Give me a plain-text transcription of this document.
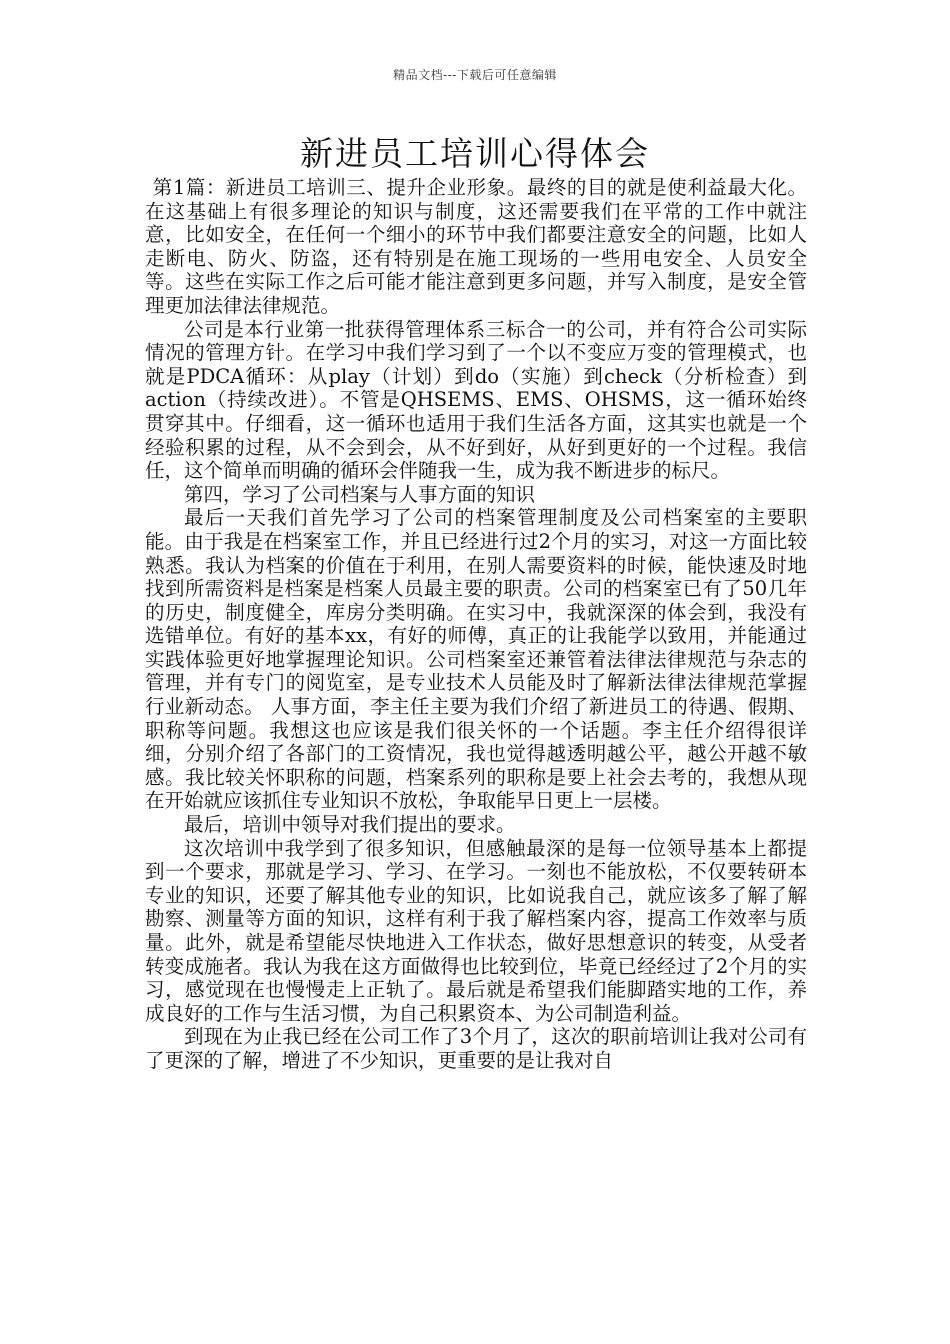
精品文档---下载后可任意编辑
新进员工培训心得体会

第1篇：新进员工培训三、提升企业形象。最终的目的就是使利益最大化。在这基础上有很多理论的知识与制度，这还需要我们在平常的工作中就注意，比如安全，在任何一个细小的环节中我们都要注意安全的问题，比如人走断电、防火、防盗，还有特别是在施工现场的一些用电安全、人员安全等。这些在实际工作之后可能才能注意到更多问题，并写入制度，是安全管理更加法律法律规范。

公司是本行业第一批获得管理体系三标合一的公司，并有符合公司实际情况的管理方针。在学习中我们学习到了一个以不变应万变的管理模式，也就是PDCA循环：从play（计划）到do（实施）到check（分析检查）到action（持续改进）。不管是QHSEMS、EMS、OHSMS，这一循环始终贯穿其中。仔细看，这一循环也适用于我们生活各方面，这其实也就是一个经验积累的过程，从不会到会，从不好到好，从好到更好的一个过程。我信任，这个简单而明确的循环会伴随我一生，成为我不断进步的标尺。

第四，学习了公司档案与人事方面的知识

最后一天我们首先学习了公司的档案管理制度及公司档案室的主要职能。由于我是在档案室工作，并且已经进行过2个月的实习，对这一方面比较熟悉。我认为档案的价值在于利用，在别人需要资料的时候，能快速及时地找到所需资料是档案是档案人员最主要的职责。公司的档案室已有了50几年的历史，制度健全，库房分类明确。在实习中，我就深深的体会到，我没有选错单位。有好的基本xx，有好的师傅，真正的让我能学以致用，并能通过实践体验更好地掌握理论知识。公司档案室还兼管着法律法律规范与杂志的管理，并有专门的阅览室，是专业技术人员能及时了解新法律法律规范掌握行业新动态。 人事方面，李主任主要为我们介绍了新进员工的待遇、假期、职称等问题。我想这也应该是我们很关怀的一个话题。李主任介绍得很详细，分别介绍了各部门的工资情况，我也觉得越透明越公平，越公开越不敏感。我比较关怀职称的问题，档案系列的职称是要上社会去考的，我想从现在开始就应该抓住专业知识不放松，争取能早日更上一层楼。

最后，培训中领导对我们提出的要求。

这次培训中我学到了很多知识，但感触最深的是每一位领导基本上都提到一个要求，那就是学习、学习、在学习。一刻也不能放松，不仅要转研本专业的知识，还要了解其他专业的知识，比如说我自己，就应该多了解了解勘察、测量等方面的知识，这样有利于我了解档案内容，提高工作效率与质量。此外，就是希望能尽快地进入工作状态，做好思想意识的转变，从受者转变成施者。我认为我在这方面做得也比较到位，毕竟已经经过了2个月的实习，感觉现在也慢慢走上正轨了。最后就是希望我们能脚踏实地的工作，养成良好的工作与生活习惯，为自己积累资本、为公司制造利益。

到现在为止我已经在公司工作了3个月了，这次的职前培训让我对公司有了更深的了解，增进了不少知识，更重要的是让我对自
